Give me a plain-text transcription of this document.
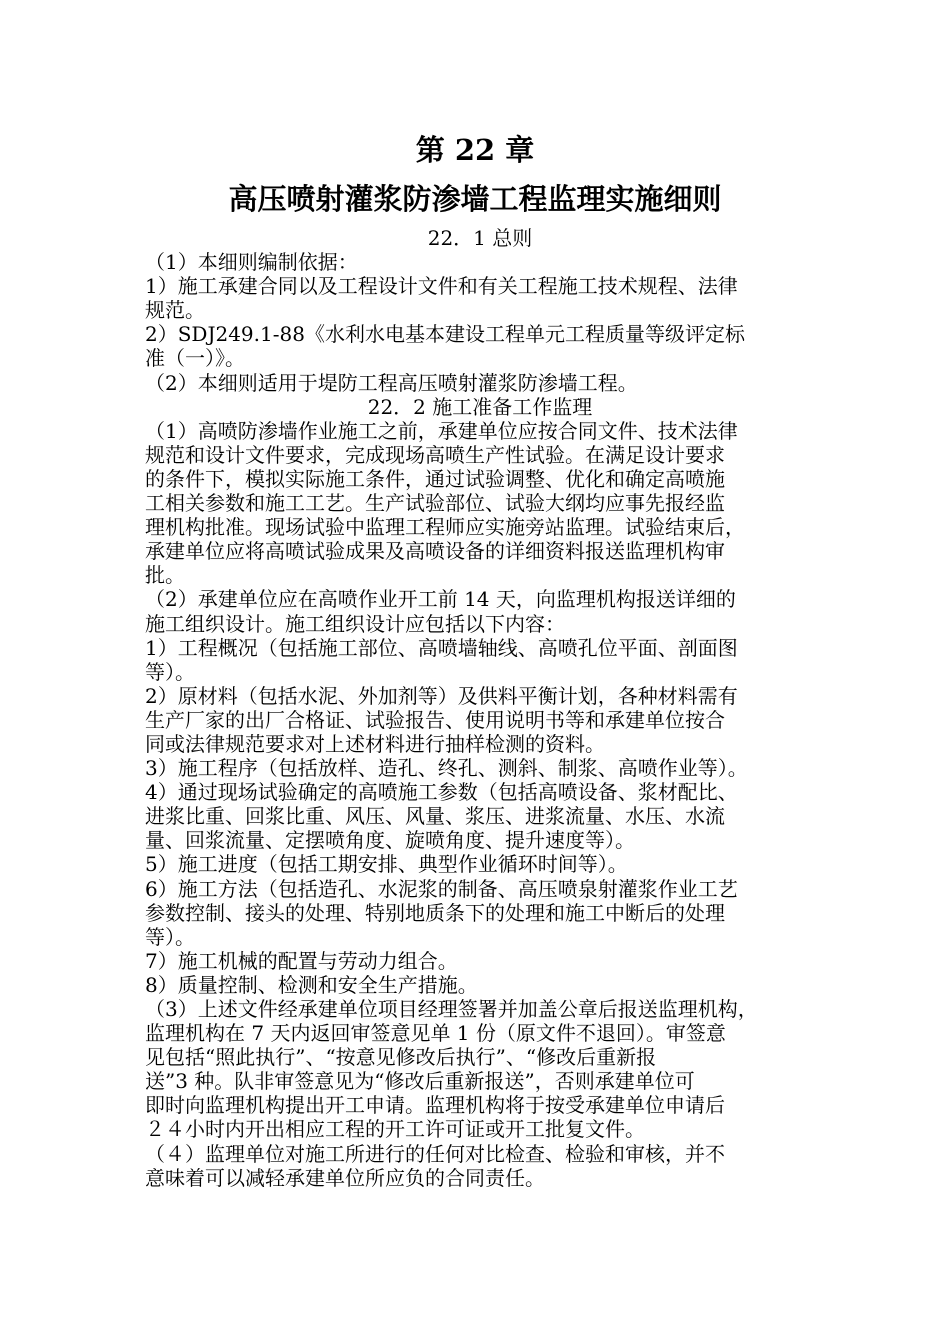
第 22 章
高压喷射灌浆防渗墙工程监理实施细则

22．1 总则

（1）本细则编制依据：

1）施工承建合同以及工程设计文件和有关工程施工技术规程、法律

规范。

2）SDJ249.1-88《水利水电基本建设工程单元工程质量等级评定标

准（一）》。

（2）本细则适用于堤防工程高压喷射灌浆防渗墙工程。

22．2 施工准备工作监理

（1）高喷防渗墙作业施工之前，承建单位应按合同文件、技术法律

规范和设计文件要求，完成现场高喷生产性试验。在满足设计要求

的条件下，模拟实际施工条件，通过试验调整、优化和确定高喷施

工相关参数和施工工艺。生产试验部位、试验大纲均应事先报经监

理机构批准。现场试验中监理工程师应实施旁站监理。试验结束后，

承建单位应将高喷试验成果及高喷设备的详细资料报送监理机构审

批。

（2）承建单位应在高喷作业开工前 14 天，向监理机构报送详细的

施工组织设计。施工组织设计应包括以下内容：

1）工程概况（包括施工部位、高喷墙轴线、高喷孔位平面、剖面图

等）。

2）原材料（包括水泥、外加剂等）及供料平衡计划，各种材料需有

生产厂家的出厂合格证、试验报告、使用说明书等和承建单位按合

同或法律规范要求对上述材料进行抽样检测的资料。

3）施工程序（包括放样、造孔、终孔、测斜、制浆、高喷作业等）。

4）通过现场试验确定的高喷施工参数（包括高喷设备、浆材配比、

进浆比重、回浆比重、风压、风量、浆压、进浆流量、水压、水流

量、回浆流量、定摆喷角度、旋喷角度、提升速度等）。

5）施工进度（包括工期安排、典型作业循环时间等）。

6）施工方法（包括造孔、水泥浆的制备、高压喷泉射灌浆作业工艺

参数控制、接头的处理、特别地质条下的处理和施工中断后的处理

等）。

7）施工机械的配置与劳动力组合。

8）质量控制、检测和安全生产措施。

（3）上述文件经承建单位项目经理签署并加盖公章后报送监理机构，

监理机构在 7 天内返回审签意见单 1 份（原文件不退回）。审签意

见包括“照此执行”、“按意见修改后执行”、“修改后重新报

送”3 种。队非审签意见为“修改后重新报送”，否则承建单位可

即时向监理机构提出开工申请。监理机构将于按受承建单位申请后

２４小时内开出相应工程的开工许可证或开工批复文件。

（４）监理单位对施工所进行的任何对比检查、检验和审核，并不

意味着可以减轻承建单位所应负的合同责任。
